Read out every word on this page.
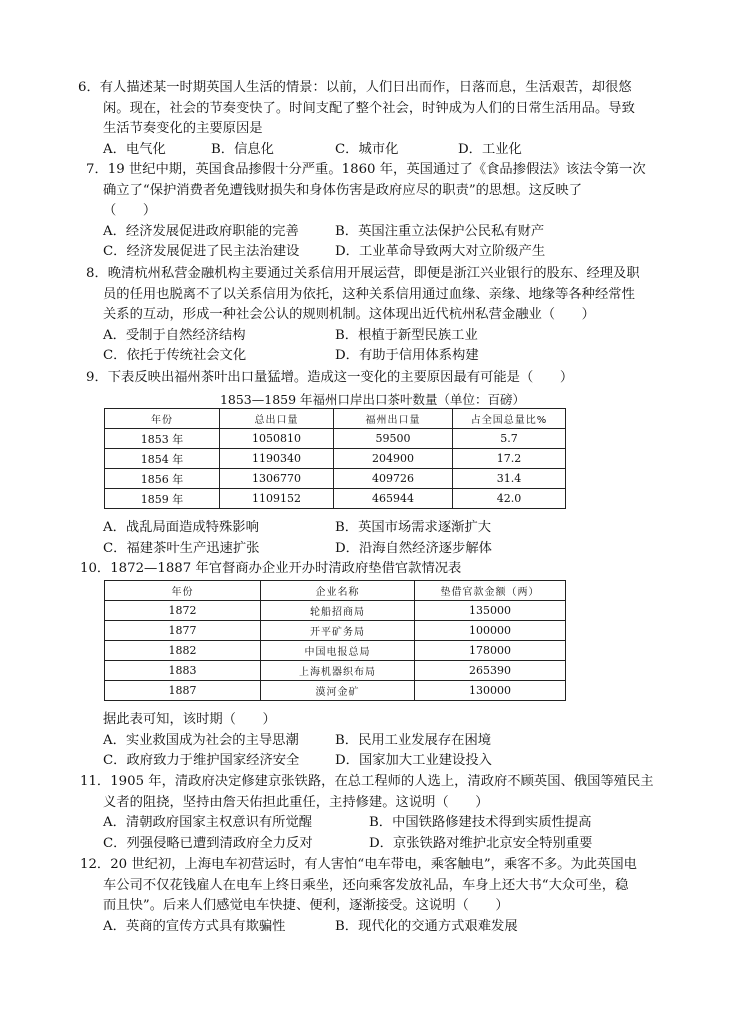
6．有人描述某一时期英国人生活的情景：以前，人们日出而作，日落而息，生活艰苦，却很悠
闲。现在，社会的节奏变快了。时间支配了整个社会，时钟成为人们的日常生活用品。导致
生活节奏变化的主要原因是
A．电气化	B．信息化	C．城市化	D．工业化
7．19 世纪中期，英国食品掺假十分严重。1860 年，英国通过了《食品掺假法》该法令第一次
确立了“保护消费者免遭钱财损失和身体伤害是政府应尽的职责”的思想。这反映了
（　　）
A．经济发展促进政府职能的完善	B．英国注重立法保护公民私有财产
C．经济发展促进了民主法治建设	D．工业革命导致两大对立阶级产生
8．晚清杭州私营金融机构主要通过关系信用开展运营，即便是浙江兴业银行的股东、经理及职
员的任用也脱离不了以关系信用为依托，这种关系信用通过血缘、亲缘、地缘等各种经常性
关系的互动，形成一种社会公认的规则机制。这体现出近代杭州私营金融业（　　）
A．受制于自然经济结构	B．根植于新型民族工业
C．依托于传统社会文化	D．有助于信用体系构建
9．下表反映出福州茶叶出口量猛增。造成这一变化的主要原因最有可能是（　　）
1853—1859 年福州口岸出口茶叶数量（单位：百磅）
年份	总出口量	福州出口量	占全国总量比%
1853 年	1050810	59500	5.7
1854 年	1190340	204900	17.2
1856 年	1306770	409726	31.4
1859 年	1109152	465944	42.0
A．战乱局面造成特殊影响	B．英国市场需求逐渐扩大
C．福建茶叶生产迅速扩张	D．沿海自然经济逐步解体
10．1872—1887 年官督商办企业开办时清政府垫借官款情况表
年份	企业名称	垫借官款金额（两）
1872	轮船招商局	135000
1877	开平矿务局	100000
1882	中国电报总局	178000
1883	上海机器织布局	265390
1887	漠河金矿	130000
据此表可知，该时期（　　）
A．实业救国成为社会的主导思潮	B．民用工业发展存在困境
C．政府致力于维护国家经济安全	D．国家加大工业建设投入
11．1905 年，清政府决定修建京张铁路，在总工程师的人选上，清政府不顾英国、俄国等殖民主
义者的阻挠，坚持由詹天佑担此重任，主持修建。这说明（　　）
A．清朝政府国家主权意识有所觉醒	B．中国铁路修建技术得到实质性提高
C．列强侵略已遭到清政府全力反对	D．京张铁路对维护北京安全特别重要
12．20 世纪初，上海电车初营运时，有人害怕“电车带电，乘客触电”，乘客不多。为此英国电
车公司不仅花钱雇人在电车上终日乘坐，还向乘客发放礼品，车身上还大书“大众可坐，稳
而且快”。后来人们感觉电车快捷、便利，逐渐接受。这说明（　　）
A．英商的宣传方式具有欺骗性	B．现代化的交通方式艰难发展
